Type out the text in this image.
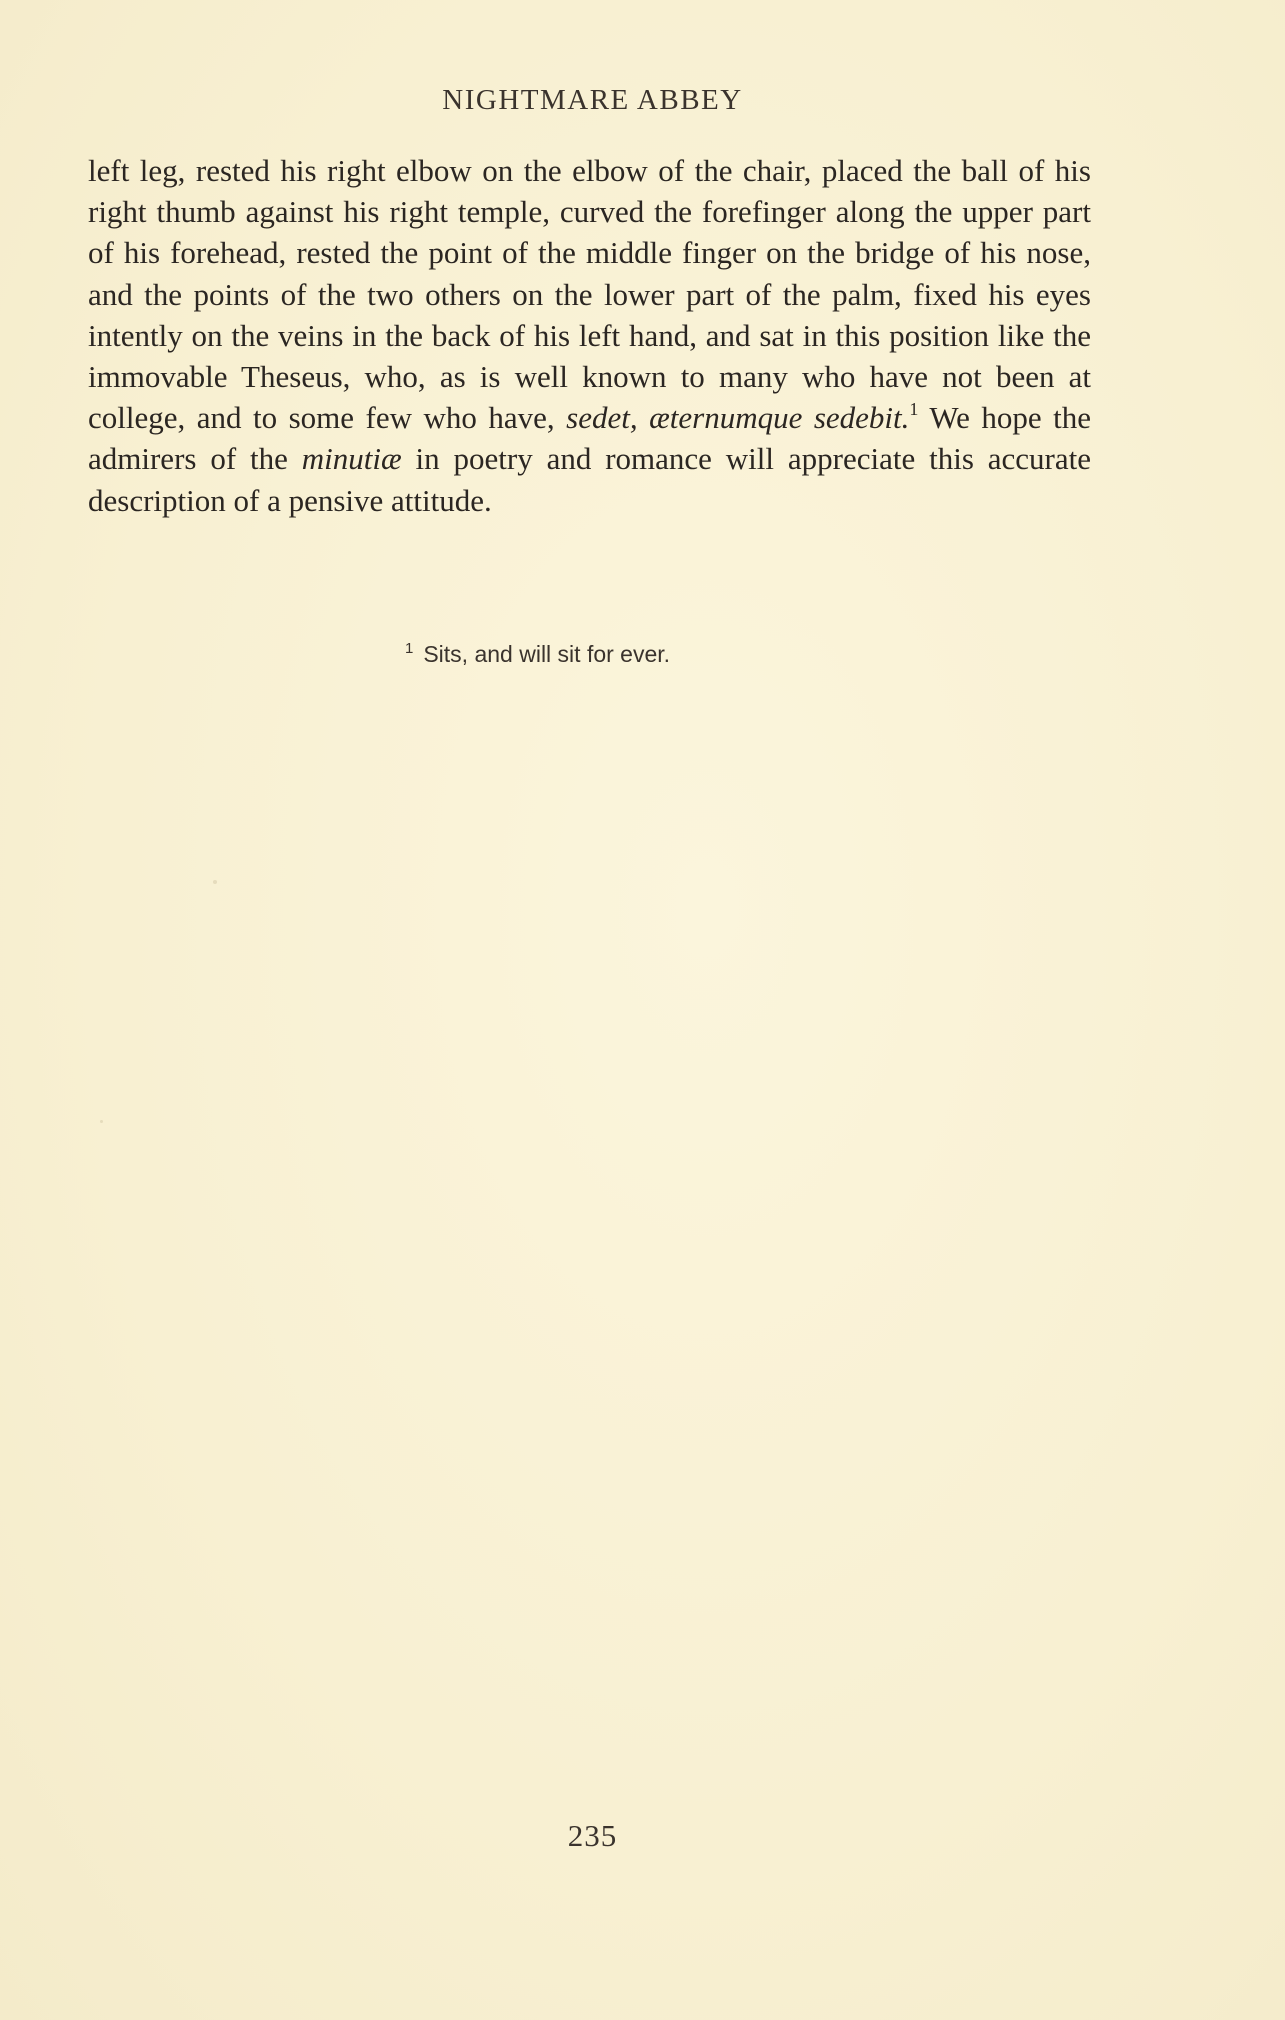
NIGHTMARE ABBEY

left leg, rested his right elbow on the elbow of the chair, placed the ball of his right thumb against his right temple, curved the forefinger along the upper part of his forehead, rested the point of the middle finger on the bridge of his nose, and the points of the two others on the lower part of the palm, fixed his eyes intently on the veins in the back of his left hand, and sat in this position like the immovable Theseus, who, as is well known to many who have not been at college, and to some few who have, sedet, æternumque sedebit.$^1$ We hope the admirers of the minutiæ in poetry and romance will appreciate this accurate description of a pensive attitude.

$^1$ Sits, and will sit for ever.
235
